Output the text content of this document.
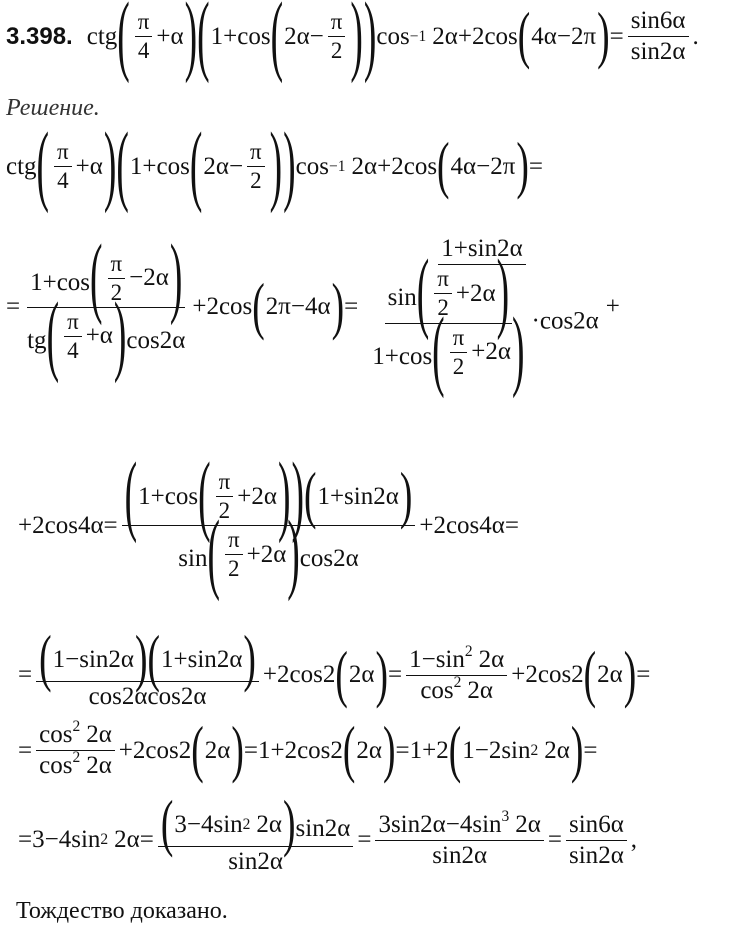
3.398. ctg ( $\frac{\pi}{4} + \alpha$
) ( 1 + cos ( $2\alpha - \frac{\pi}{2}$
)
) cos −1 2α + 2 cos ( 4α − 2 π
) = $\frac{\sin 6\alpha}{\sin 2\alpha}$ .
Решение.
ctg ( $\frac{\pi}{4} + \alpha$
) ( 1 + cos ( $2\alpha - \frac{\pi}{2}$
)
) cos −1 2α + 2 cos ( 4α − 2 π
) =
= 1+cos ( $\frac{\pi}{2} - 2\alpha$
)
tg ( $\frac{\pi}{4} + \alpha$
) cos2α + 2 cos ( 2 π − 4α
) = 1+sin2α
sin ( $\frac{\pi}{2} + 2\alpha$
)
1+cos ( $\frac{\pi}{2} + 2\alpha$
) ·cos2α +
+ 2 cos 4α = ( 1 + cos ( $\frac{\pi}{2} + 2\alpha$
)
) ( 1 + sin 2α
)
sin ( $\frac{\pi}{2} + 2\alpha$
) cos2α + 2 cos 4α =
= ( 1 − sin 2α
) ( 1 + sin 2α
)
cos2αcos2α + 2 cos 2 ( 2α
) = $\frac{1-\sin^2 2\alpha}{\cos^2 2\alpha} + 2$ cos 2 ( 2α
) =
= $\frac{\cos^2 2\alpha}{\cos^2 2\alpha} + 2$ cos 2 ( 2α
) = 1 + 2 cos 2 ( 2α
) = 1 + 2 ( 1 − 2 sin 2 2α
) =
= 3 − 4 sin 2 2α = ( 3 − 4 sin 2 2α
) sin2α
$\sin 2\alpha = \frac{3\sin 2\alpha-4\sin^3 2\alpha}{\sin 2\alpha} = \frac{\sin 6\alpha}{\sin 2\alpha}$ ,
Тождество доказано.
